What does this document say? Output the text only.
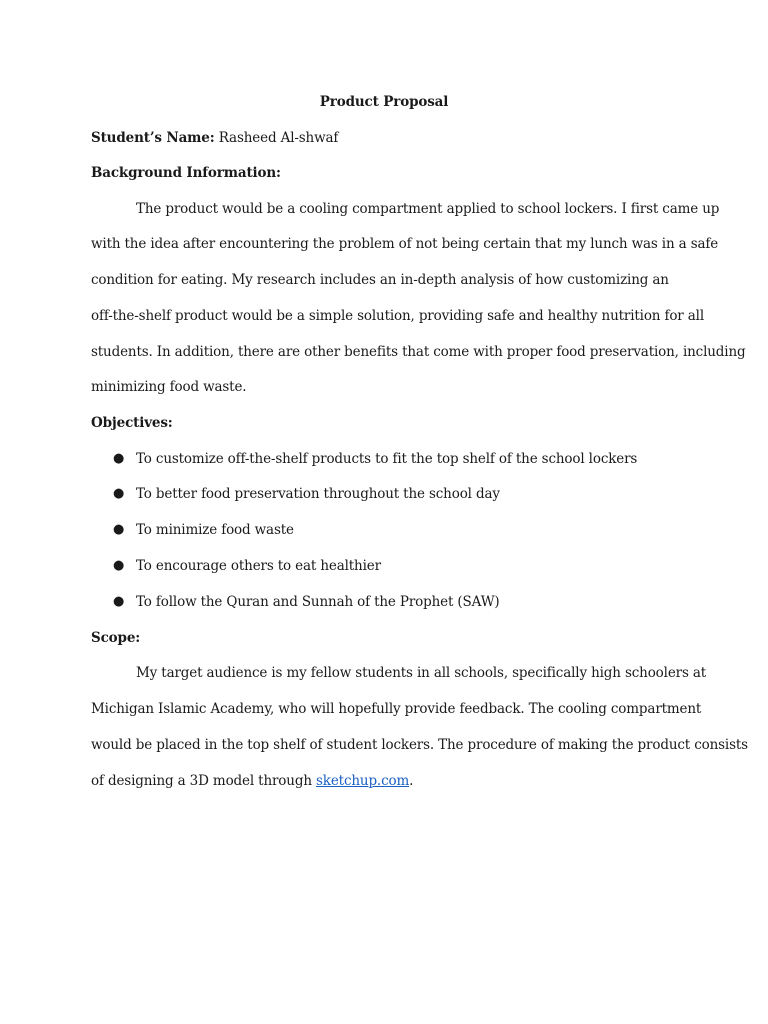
Product Proposal
Student’s Name: Rasheed Al-shwaf
Background Information:
The product would be a cooling compartment applied to school lockers. I first came up
with the idea after encountering the problem of not being certain that my lunch was in a safe
condition for eating. My research includes an in-depth analysis of how customizing an
off-the-shelf product would be a simple solution, providing safe and healthy nutrition for all
students. In addition, there are other benefits that come with proper food preservation, including
minimizing food waste.
Objectives:
● To customize off-the-shelf products to fit the top shelf of the school lockers
● To better food preservation throughout the school day
● To minimize food waste
● To encourage others to eat healthier
● To follow the Quran and Sunnah of the Prophet (SAW)
Scope:
My target audience is my fellow students in all schools, specifically high schoolers at
Michigan Islamic Academy, who will hopefully provide feedback. The cooling compartment
would be placed in the top shelf of student lockers. The procedure of making the product consists
of designing a 3D model through sketchup.com.
